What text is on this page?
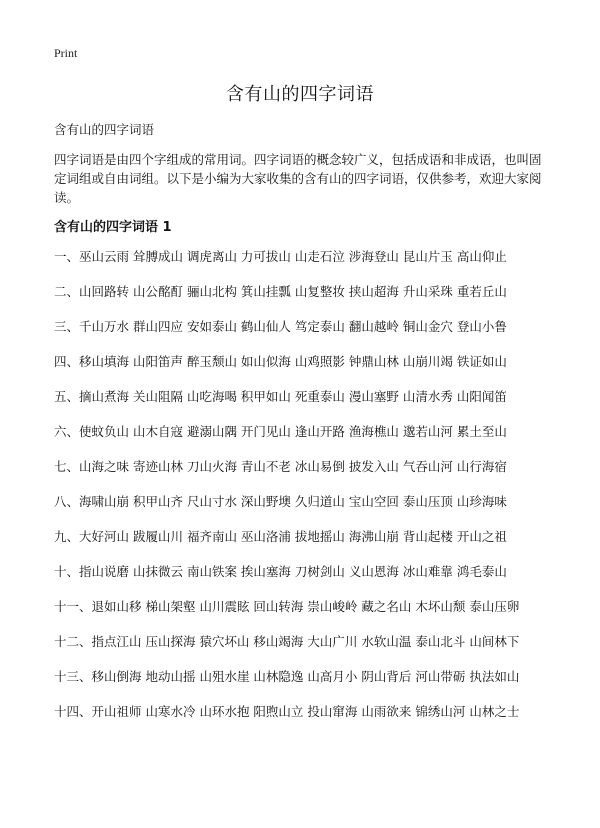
Print
含有山的四字词语
含有山的四字词语
四字词语是由四个字组成的常用词。四字词语的概念较广义，包括成语和非成语，也叫固定词组或自由词组。以下是小编为大家收集的含有山的四字词语，仅供参考，欢迎大家阅读。
含有山的四字词语 1
一、巫山云雨 耸膊成山 调虎离山 力可拔山 山走石泣 涉海登山 昆山片玉 高山仰止
二、山回路转 山公酩酊 骊山北构 箕山挂瓢 山复整妆 挟山超海 升山采珠 重若丘山
三、千山万水 群山四应 安如泰山 鹤山仙人 笃定泰山 翻山越岭 铜山金穴 登山小鲁
四、移山填海 山阳笛声 醉玉颓山 如山似海 山鸡照影 钟鼎山林 山崩川竭 铁证如山
五、摘山煮海 关山阻隔 山吃海喝 积甲如山 死重泰山 漫山塞野 山清水秀 山阳闻笛
六、使蚊负山 山木自寇 避溺山隅 开门见山 逢山开路 渔海樵山 邈若山河 累土至山
七、山海之味 寄迹山林 刀山火海 青山不老 冰山易倒 披发入山 气吞山河 山行海宿
八、海啸山崩 积甲山齐 尺山寸水 深山野墺 久归道山 宝山空回 泰山压顶 山珍海味
九、大好河山 跋履山川 福齐南山 巫山洛浦 拔地摇山 海沸山崩 背山起楼 开山之祖
十、指山说磨 山抹微云 南山铁案 挨山塞海 刀树剑山 义山恩海 冰山难靠 鸿毛泰山
十一、退如山移 梯山架壑 山川震眩 回山转海 崇山峻岭 藏之名山 木坏山颓 泰山压卵
十二、指点江山 压山探海 猿穴坏山 移山竭海 大山广川 水软山温 泰山北斗 山间林下
十三、移山倒海 地动山摇 山殂水崖 山林隐逸 山高月小 阴山背后 河山带砺 执法如山
十四、开山祖师 山寒水冷 山环水抱 阳煦山立 投山窜海 山雨欲来 锦绣山河 山林之士
